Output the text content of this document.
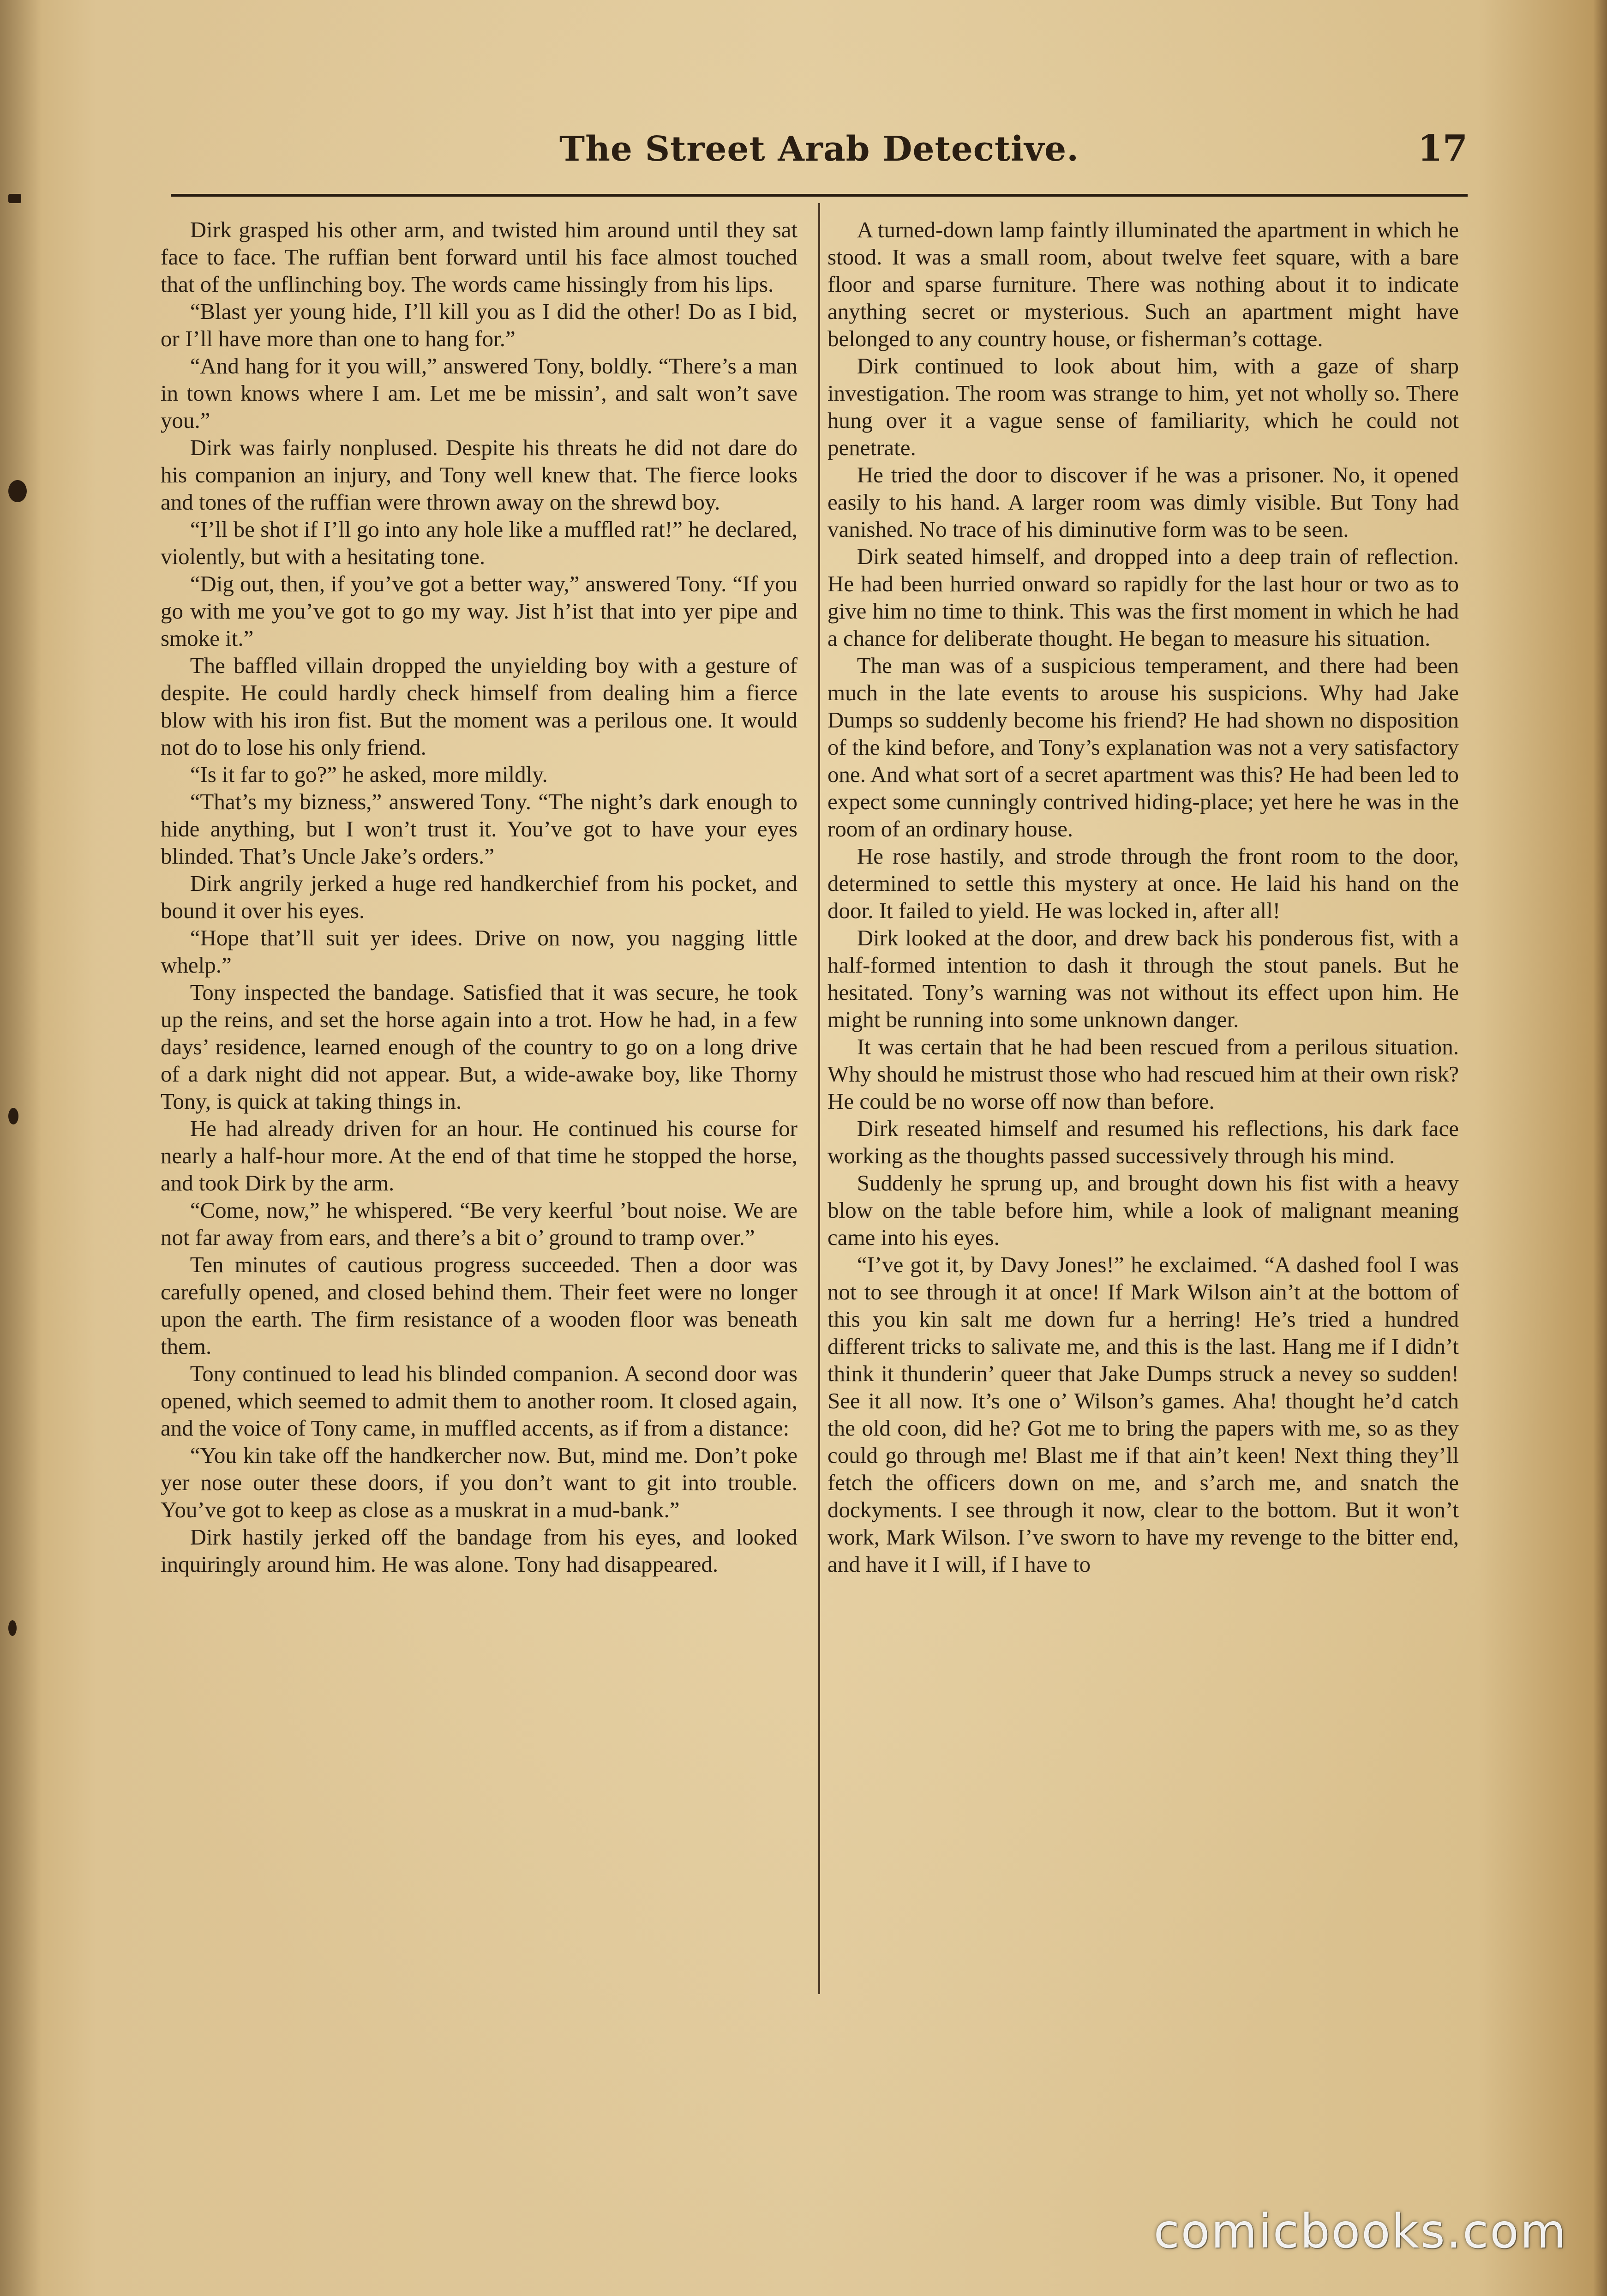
The Street Arab Detective.	17

Dirk grasped his other arm, and twisted him around until they sat face to face. The ruffian bent forward until his face almost touched that of the unflinching boy. The words came hissingly from his lips.

“Blast yer young hide, I’ll kill you as I did the other! Do as I bid, or I’ll have more than one to hang for.”

“And hang for it you will,” answered Tony, boldly. “There’s a man in town knows where I am. Let me be missin’, and salt won’t save you.”

Dirk was fairly nonplused. Despite his threats he did not dare do his companion an injury, and Tony well knew that. The fierce looks and tones of the ruffian were thrown away on the shrewd boy.

“I’ll be shot if I’ll go into any hole like a muffled rat!” he declared, violently, but with a hesitating tone.

“Dig out, then, if you’ve got a better way,” answered Tony. “If you go with me you’ve got to go my way. Jist h’ist that into yer pipe and smoke it.”

The baffled villain dropped the unyielding boy with a gesture of despite. He could hardly check himself from dealing him a fierce blow with his iron fist. But the moment was a perilous one. It would not do to lose his only friend.

“Is it far to go?” he asked, more mildly.

“That’s my bizness,” answered Tony. “The night’s dark enough to hide anything, but I won’t trust it. You’ve got to have your eyes blinded. That’s Uncle Jake’s orders.”

Dirk angrily jerked a huge red handkerchief from his pocket, and bound it over his eyes.

“Hope that’ll suit yer idees. Drive on now, you nagging little whelp.”

Tony inspected the bandage. Satisfied that it was secure, he took up the reins, and set the horse again into a trot. How he had, in a few days’ residence, learned enough of the country to go on a long drive of a dark night did not appear. But, a wide-awake boy, like Thorny Tony, is quick at taking things in.

He had already driven for an hour. He continued his course for nearly a half-hour more. At the end of that time he stopped the horse, and took Dirk by the arm.

“Come, now,” he whispered. “Be very keerful ’bout noise. We are not far away from ears, and there’s a bit o’ ground to tramp over.”

Ten minutes of cautious progress succeeded. Then a door was carefully opened, and closed behind them. Their feet were no longer upon the earth. The firm resistance of a wooden floor was beneath them.

Tony continued to lead his blinded companion. A second door was opened, which seemed to admit them to another room. It closed again, and the voice of Tony came, in muffled accents, as if from a distance:

“You kin take off the handkercher now. But, mind me. Don’t poke yer nose outer these doors, if you don’t want to git into trouble. You’ve got to keep as close as a muskrat in a mud-bank.”

Dirk hastily jerked off the bandage from his eyes, and looked inquiringly around him. He was alone. Tony had disappeared.

A turned-down lamp faintly illuminated the apartment in which he stood. It was a small room, about twelve feet square, with a bare floor and sparse furniture. There was nothing about it to indicate anything secret or mysterious. Such an apartment might have belonged to any country house, or fisherman’s cottage.

Dirk continued to look about him, with a gaze of sharp investigation. The room was strange to him, yet not wholly so. There hung over it a vague sense of familiarity, which he could not penetrate.

He tried the door to discover if he was a prisoner. No, it opened easily to his hand. A larger room was dimly visible. But Tony had vanished. No trace of his diminutive form was to be seen.

Dirk seated himself, and dropped into a deep train of reflection. He had been hurried onward so rapidly for the last hour or two as to give him no time to think. This was the first moment in which he had a chance for deliberate thought. He began to measure his situation.

The man was of a suspicious temperament, and there had been much in the late events to arouse his suspicions. Why had Jake Dumps so suddenly become his friend? He had shown no disposition of the kind before, and Tony’s explanation was not a very satisfactory one. And what sort of a secret apartment was this? He had been led to expect some cunningly contrived hiding-place; yet here he was in the room of an ordinary house.

He rose hastily, and strode through the front room to the door, determined to settle this mystery at once. He laid his hand on the door. It failed to yield. He was locked in, after all!

Dirk looked at the door, and drew back his ponderous fist, with a half-formed intention to dash it through the stout panels. But he hesitated. Tony’s warning was not without its effect upon him. He might be running into some unknown danger.

It was certain that he had been rescued from a perilous situation. Why should he mistrust those who had rescued him at their own risk? He could be no worse off now than before.

Dirk reseated himself and resumed his reflections, his dark face working as the thoughts passed successively through his mind.

Suddenly he sprung up, and brought down his fist with a heavy blow on the table before him, while a look of malignant meaning came into his eyes.

“I’ve got it, by Davy Jones!” he exclaimed. “A dashed fool I was not to see through it at once! If Mark Wilson ain’t at the bottom of this you kin salt me down fur a herring! He’s tried a hundred different tricks to salivate me, and this is the last. Hang me if I didn’t think it thunderin’ queer that Jake Dumps struck a nevey so sudden! See it all now. It’s one o’ Wilson’s games. Aha! thought he’d catch the old coon, did he? Got me to bring the papers with me, so as they could go through me! Blast me if that ain’t keen! Next thing they’ll fetch the officers down on me, and s’arch me, and snatch the dockyments. I see through it now, clear to the bottom. But it won’t work, Mark Wilson. I’ve sworn to have my revenge to the bitter end, and have it I will, if I have to

comicbooks.com
